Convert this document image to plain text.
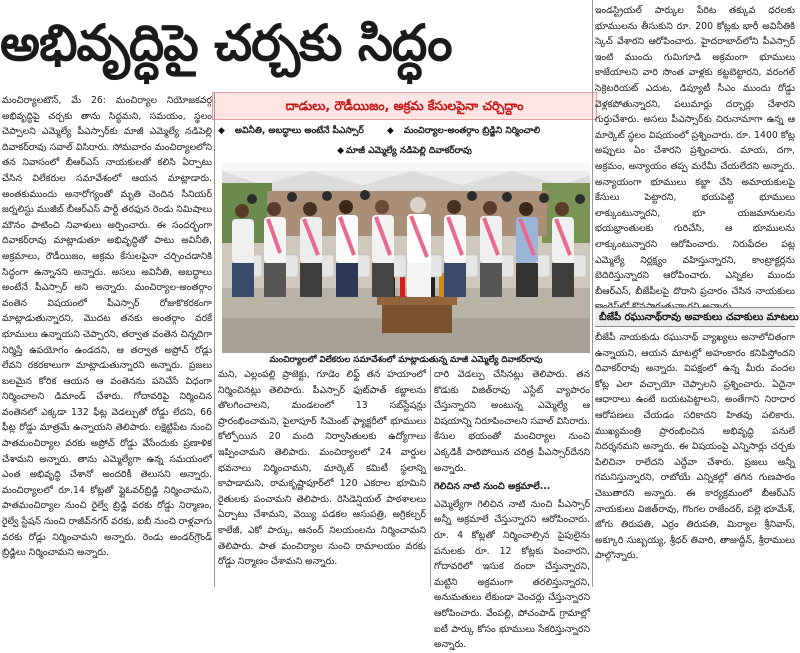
అభివృద్ధిపై చర్చకు సిద్ధం

మంచిర్యాలటౌన్, మే 26: మంచిర్యాల నియోజకవర్గ అభివృద్ధిపై చర్చకు తాను సిద్ధమని, సమయం, స్థలం చెప్పాలని ఎమ్మెల్యే పీఎస్సార్‌కు మాజీ ఎమ్మెల్యే నడిపెల్లి దివాకర్‌రావు సవాల్ విసిరారు. సోమవారం మంచిర్యాలలోని తన నివాసంలో బీఆర్ఎస్ నాయకులతో కలిసి ఏర్పాటు చేసిన విలేకరుల సమావేశంలో ఆయన మాట్లాడారు. అంతకుముందు అనారోగ్యంతో మృతి చెందిన సీనియర్ జర్నలిస్టు ముజీబ్ బీఆర్ఎస్ పార్టీ తరఫున రెండు నిమిషాలు మౌనం పాటించి నివాళులు అర్పించారు. ఈ సందర్భంగా దివాకర్‌రావు మాట్లాడుతూ అభివృద్ధితో పాటు అవినీతి, అక్రమాలు, రౌడీయిజం, అక్రమ కేసులపైనా చర్చించడానికి సిద్ధంగా ఉన్నానని అన్నారు. అసలు అవినీతి, అబద్ధాలు అంటేనే పీఎస్సార్ అని అన్నారు. మంచిర్యాల-అంతర్గాం వంతెన విషయంలో పీఎస్సార్ రోజుకొకరకంగా మాట్లాడుతున్నారని, మొదట తనకు అంతర్గాం వరకే భూములు ఉన్నాయని చెప్పారని, తర్వాత వంతెన చిన్నదిగా నిర్మిస్తే ఉపయోగం ఉండదని, ఆ తర్వాత అప్రోచ్ రోడ్లు లేవని రకరకాలుగా మాట్లాడుతున్నారని అన్నారు. ప్రజలు బలమైన కోరిక ఆయన ఆ వంతెనను పనిచేసే విధంగా నిర్మించాలని డిమాండ్ చేశారు. గోదావరిపై నిర్మించిన వంతెనలో ఎక్కడా 132 ఫీట్ల వెడల్పుతో రోడ్డు లేదని, 66 ఫీట్ల రోడ్డు మాత్రమే ఉన్నాయని తెలిపారు. లక్షెట్టిపేట నుంచి పాతమంచిర్యాల వరకు అప్రోచ్ రోడ్డు వేసేందుకు ప్రణాళిక చేశామని అన్నారు. తాను ఎమ్మెల్యేగా ఉన్న సమయంలో ఎంత అభివృద్ధి చేశానో అందరికీ తెలుసని అన్నారు. మంచిర్యాలలో రూ.14 కోట్లతో ఫ్లైఓవర్‌బ్రిడ్జి నిర్మించామని, పాతమంచిర్యాల నుంచి రైల్వే బ్రిడ్జి వరకు రోడ్డు నిర్మాణం, రైల్వే స్టేషన్ నుంచి రాజీవ్‌నగర్ వరకు, ఐబీ నుంచి రాళ్లవాగు వరకు రోడ్లు నిర్మించామని అన్నారు. రెండు అండర్‌గ్రౌండ్ బ్రిడ్జిలు నిర్మించామని అన్నారు.

దాడులు, రౌడీయిజం, అక్రమ కేసులపైనా చర్చిద్దాం
◆ అవినీతి, అబద్ధాలు అంటేనే పీఎస్సార్	◆ మంచిర్యాల-అంతర్గాం బ్రిడ్జిని నిర్మించాలి
◆ మాజీ ఎమ్మెల్యే నడిపెల్లి దివాకర్‌రావు
మంచిర్యాలలో విలేకరుల సమావేశంలో మాట్లాడుతున్న మాజీ ఎమ్మెల్యే దివాకర్‌రావు

ఇండస్ట్రియల్ పార్కుల పేరిట తక్కువ ధరలకు భూములను తీసుకుని రూ. 200 కోట్లకు భారీ అవినీతికి స్కెచ్ వేశారని ఆరోపించారు. హైదరాబాద్‌లోని పీఎస్సార్ ఇంటి ముందు గుమిగూడి అక్రమంగా భూములు కాజేయాలని వారి సొంత వాళ్లకు కట్టబెట్టారని, వరంగల్ సెక్రెటరియట్ ఎదుట, డిప్యూటీ సీఎం ముందు రోడ్డు వెళ్లకపోతున్నారని, పలుమార్లు దర్బార్లు చేశారని గుర్తుచేశారు. అసలు పీఎస్సార్‌కు చిరునామాగా ఉన్న ఆ మార్కెట్ స్థలం విషయంలో ప్రశ్నించారు. రూ. 1400 కోట్ల అప్పులు ఏం చేశారని ప్రశ్నించారు. మాయ, దగా, అక్రమం, అన్యాయం తప్ప మరేమీ చేయలేదని అన్నారు. అన్యాయంగా భూములు కబ్జా చేసి అమాయకులపై కేసులు పెట్టారని, భయపెట్టి భూములు లాక్కుంటున్నారని, భూ యజమానులను భయభ్రాంతులకు గురిచేసి, ఆ భూములను లాక్కుంటున్నారని ఆరోపించారు. నిరుపేదల పట్ల ఎమ్మెల్యే నిర్లక్ష్యం వహిస్తున్నారని, కాంట్రాక్టర్లను బెదిరిస్తున్నారని ఆరోపించారు. ఎన్నికల ముందు బీఆర్ఎస్, బీజేపీలపై దొరాని ప్రచారం చేసిన నాయకులు

బీజేపీ రఘునాథ్‌రావు అవాకులు చవాకులు మాటలు

బీజేపీ నాయకుడు రఘునాథ్ వ్యాఖ్యలు అనాలోచితంగా ఉన్నాయని, ఆయన మాటల్లో అహంకారం కనిపిస్తోందని దివాకర్‌రావు అన్నారు. విపక్షంలో ఉన్న మీరు వందల కోట్ల ఎలా వచ్చాయో చెప్పాలని ప్రశ్నించారు. ఏదైనా ఆధారాలు ఉంటే బయటపెట్టాలని, అంతేగాని నిరాధార ఆరోపణలు చేయడం సరికాదని హితవు పలికారు. ముఖ్యమంత్రి ప్రారంభించిన అభివృద్ధి పనులే నిదర్శనమని అన్నారు. ఈ విషయంపై ఎన్నిసార్లు చర్చకు పిలిచినా రాలేదని ఎద్దేవా చేశారు. ప్రజలు అన్నీ గమనిస్తున్నారని, రాబోయే ఎన్నికల్లో తగిన గుణపాఠం చెబుతారని అన్నారు. ఈ కార్యక్రమంలో బీఆర్ఎస్ నాయకులు విజిత్‌రావు, గొంగల రాజేందర్, పల్లె భూమేశ్, జోగు తిరుపతి, ఎర్రం తిరుపతి, మిర్యాల శ్రీనివాస్, అక్కూరి సుబ్బయ్య, శ్రీధర్ తివారి, తాజుద్దీన్, శ్రీరాములు పాల్గొన్నారు.

మని, ఎల్లంపల్లి ప్రాజెక్టు, గూడెం లిఫ్ట్ తన హయాంలో నిర్మించినట్లు తెలిపారు. పీఎస్సార్ ఫుట్‌పాత్ కబ్జాలను తొలగించాలని, మండలంలో 13 సబ్‌స్టేషన్లు ప్రారంభించామని, పైలాపూర్ సిమెంట్ ఫ్యాక్టరీలో భూములు కోల్పోయిన 20 మంది నిర్వాసితులకు ఉద్యోగాలు ఇప్పించామని తెలిపారు. మంచిర్యాలలో 24 వార్డుల భవనాలు నిర్మించామని, మార్కెట్ కమిటీ స్థలాన్ని కాపాడామని, రామకృష్ణాపూర్‌లో 120 ఎకరాల భూమిని రైతులకు పంచామని తెలిపారు. రెసిడెన్షియల్ పాఠశాలలు ఏర్పాటు చేశామని, వెయ్యి పడకల ఆసుపత్రి, అగ్రికల్చర్ కాలేజీ, ఎకో పార్కు, ఆనంద్ నిలయంలను నిర్మించామని తెలిపారు. పాత మంచిర్యాల నుంచి రామాలయం వరకు రోడ్డు నిర్మాణం చేశామని అన్నారు.

దారి వెడల్పు చేసినట్లు తెలిపారు. తన కొడుకు విజిత్‌రావు ఎస్టేట్ వ్యాపారం చేస్తున్నారని అంటున్న ఎమ్మెల్యే ఆ విషయాన్ని నిరూపించాలని సవాల్ విసిరారు. కేసుల భయంతో మంచిర్యాల నుంచి ఎక్కడికీ పారిపోయిన చరిత్ర పీఎస్సార్‌దేనని అన్నారు.

గెలిచిన నాటి నుంచి అక్రమాలే...

ఎమ్మెల్యేగా గెలిచిన నాటి నుంచి పీఎస్సార్ అన్నీ అక్రమాలే చేస్తున్నారని ఆరోపించారు. రూ. 4 కోట్లతో నిర్మించాల్సిన పైపులైను పనులకు రూ. 12 కోట్లకు పెంచారని, గోదావరిలో ఇసుక దందా చేస్తున్నారని, మట్టిని అక్రమంగా తరలిస్తున్నారని, అనుమతులు లేకుండా వెంచర్లు చేస్తున్నారని ఆరోపించారు. వేంపల్లి, పోచంపాడ్ గ్రామాల్లో ఐటీ పార్కు కోసం భూములు సేకరిస్తున్నారని అన్నారు.
